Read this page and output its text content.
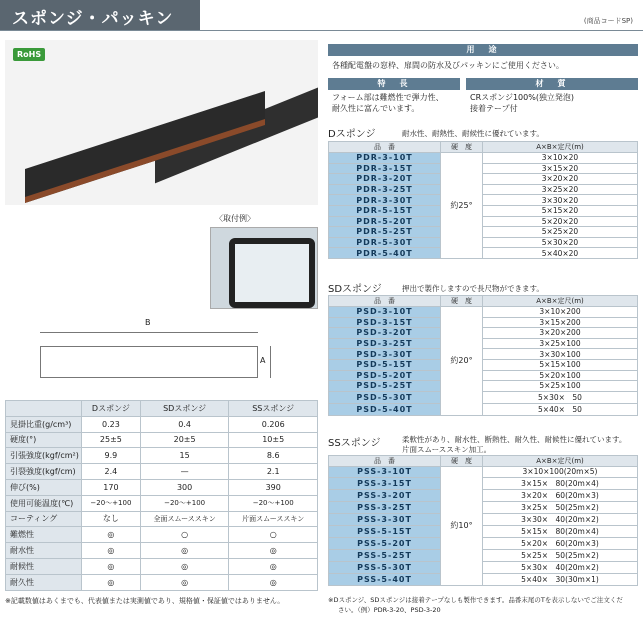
スポンジ・パッキン	(商品コードSP)
RoHS
〈取付例〉
B
A
	Dスポンジ	SDスポンジ	SSスポンジ
見掛比重(g/cm³)	0.23	0.4	0.206
硬度(°)	25±5	20±5	10±5
引張強度(kgf/cm²)	9.9	15	8.6
引裂強度(kgf/cm)	2.4	—	2.1
伸び(%)	170	300	390
使用可能温度(℃)	−20〜+100	−20〜+100	−20〜+100
コーティング	なし	全面スムーススキン	片面スムーススキン
難燃性	◎	○	○
耐水性	◎	◎	◎
耐候性	◎	◎	◎
耐久性	◎	◎	◎
※記載数値はあくまでも、代表値または実測値であり、規格値・保証値ではありません。
用　途
各種配電盤の窓枠、扉間の防水及びパッキンにご使用ください。
特　長	材　質
フォーム部は難燃性で弾力性、
耐久性に富んでいます。
CRスポンジ100%(独立発泡)
接着テープ付
Dスポンジ	耐水性、耐熱性、耐候性に優れています。
品　番	硬　度	A×B×定尺(m)
PDR-3-10T	約25°	3×10×20
PDR-3-15T		3×15×20
PDR-3-20T		3×20×20
PDR-3-25T		3×25×20
PDR-3-30T		3×30×20
PDR-5-15T		5×15×20
PDR-5-20T		5×20×20
PDR-5-25T		5×25×20
PDR-5-30T		5×30×20
PDR-5-40T		5×40×20
SDスポンジ	押出で製作しますので長尺物ができます。
品　番	硬　度	A×B×定尺(m)
PSD-3-10T	約20°	3×10×200
PSD-3-15T		3×15×200
PSD-3-20T		3×20×200
PSD-3-25T		3×25×100
PSD-3-30T		3×30×100
PSD-5-15T		5×15×100
PSD-5-20T		5×20×100
PSD-5-25T		5×25×100
PSD-5-30T		5×30×　50
PSD-5-40T		5×40×　50
SSスポンジ	柔軟性があり、耐水性、断熱性、耐久性、耐候性に優れています。
片面スムーススキン加工。
品　番	硬　度	A×B×定尺(m)
PSS-3-10T	約10°	3×10×100(20m×5)
PSS-3-15T		3×15×　80(20m×4)
PSS-3-20T		3×20×　60(20m×3)
PSS-3-25T		3×25×　50(25m×2)
PSS-3-30T		3×30×　40(20m×2)
PSS-5-15T		5×15×　80(20m×4)
PSS-5-20T		5×20×　60(20m×3)
PSS-5-25T		5×25×　50(25m×2)
PSS-5-30T		5×30×　40(20m×2)
PSS-5-40T		5×40×　30(30m×1)
※Dスポンジ、SDスポンジは接着テープなしも製作できます。品番末尾のTを表示しないでご注文くだ
さい。（例）PDR-3-20、PSD-3-20
